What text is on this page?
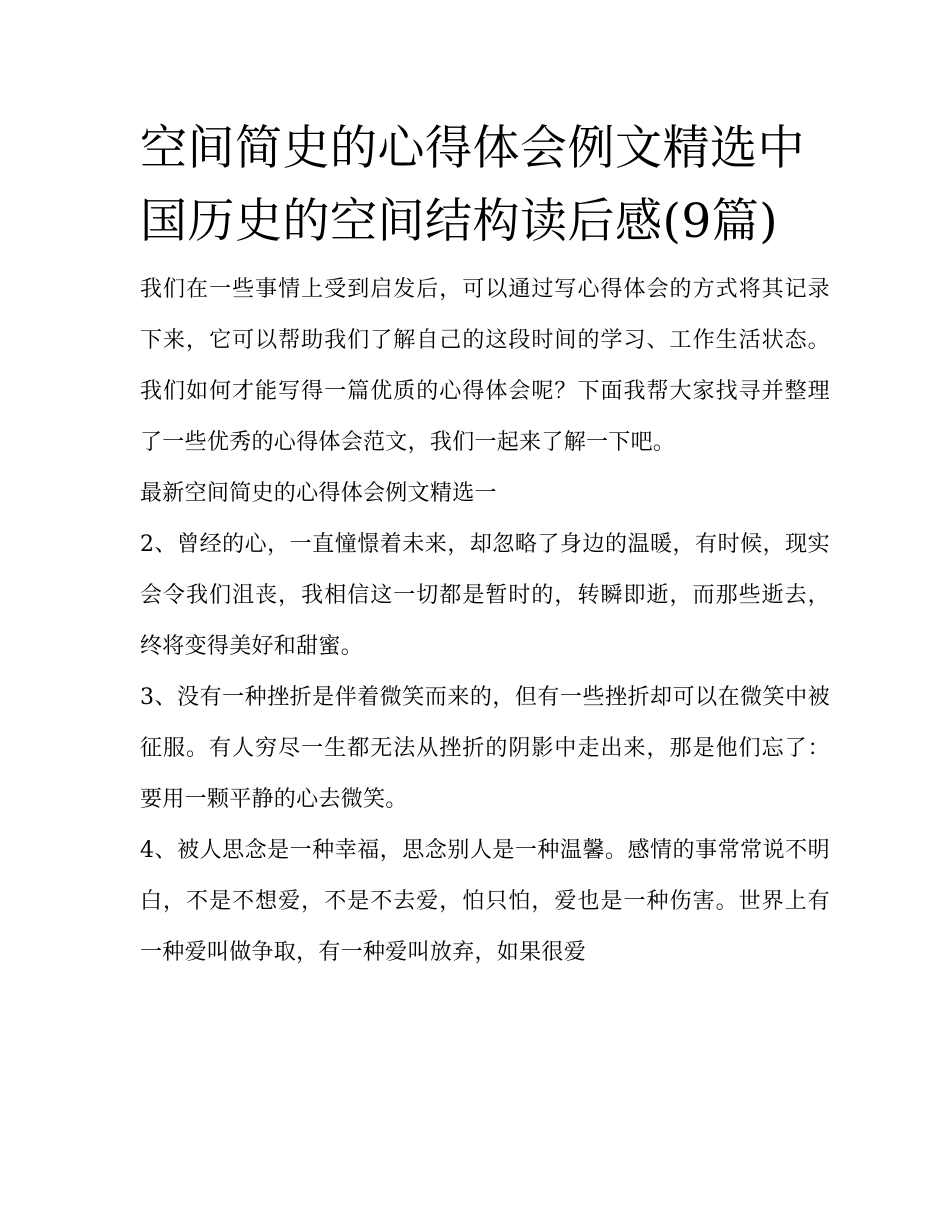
空间简史的心得体会例文精选中国历史的空间结构读后感(9篇)

我们在一些事情上受到启发后，可以通过写心得体会的方式将其记录下来，它可以帮助我们了解自己的这段时间的学习、工作生活状态。我们如何才能写得一篇优质的心得体会呢？下面我帮大家找寻并整理了一些优秀的心得体会范文，我们一起来了解一下吧。

最新空间简史的心得体会例文精选一

2、曾经的心，一直憧憬着未来，却忽略了身边的温暖，有时候，现实会令我们沮丧，我相信这一切都是暂时的，转瞬即逝，而那些逝去，终将变得美好和甜蜜。

3、没有一种挫折是伴着微笑而来的，但有一些挫折却可以在微笑中被征服。有人穷尽一生都无法从挫折的阴影中走出来，那是他们忘了：要用一颗平静的心去微笑。

4、被人思念是一种幸福，思念别人是一种温馨。感情的事常常说不明白，不是不想爱，不是不去爱，怕只怕，爱也是一种伤害。世界上有一种爱叫做争取，有一种爱叫放弃，如果很爱
